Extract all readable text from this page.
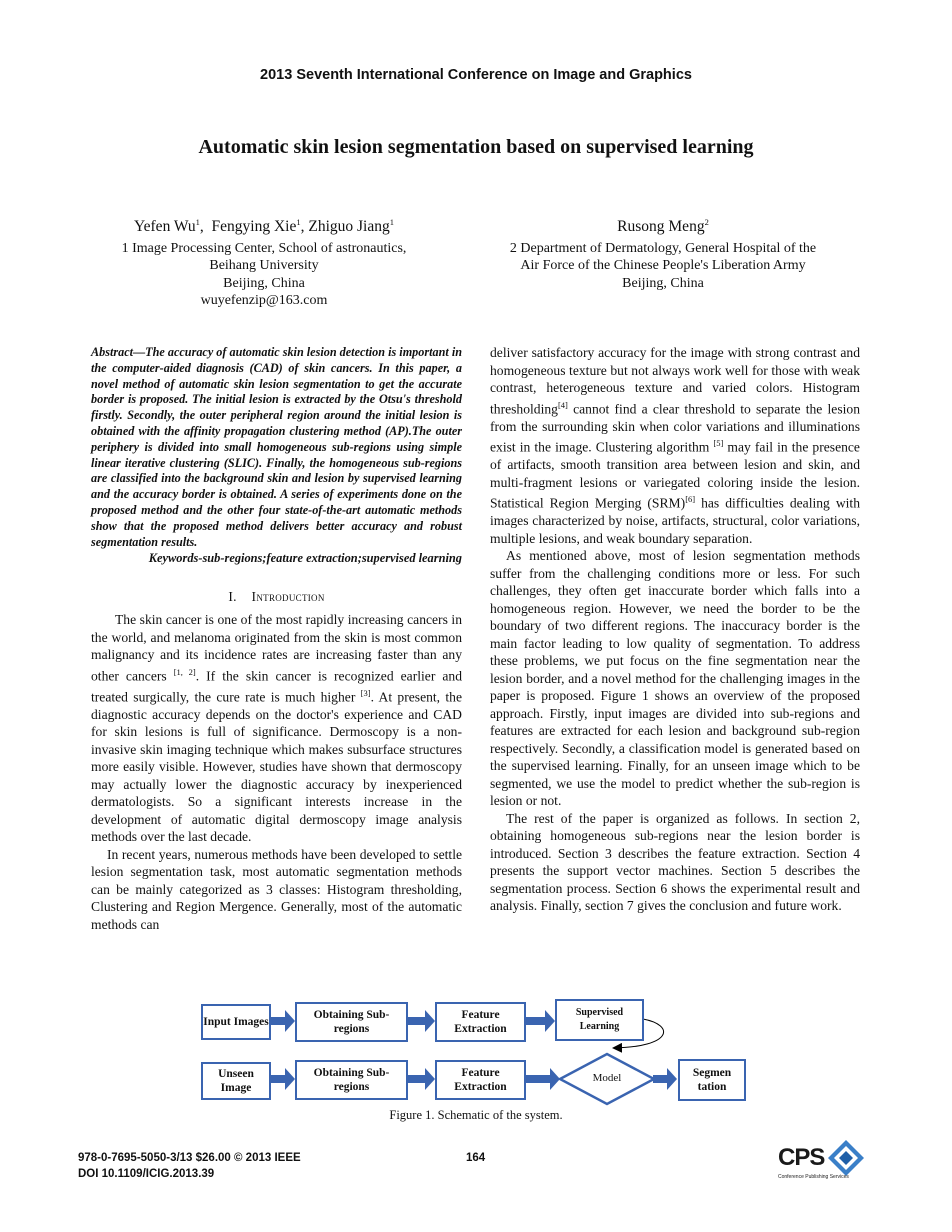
2013 Seventh International Conference on Image and Graphics
Automatic skin lesion segmentation based on supervised learning
Yefen Wu$^1$,  Fengying Xie$^1$, Zhiguo Jiang$^1$
1 Image Processing Center, School of astronautics,
Beihang University
Beijing, China
wuyefenzip@163.com
Rusong Meng$^2$
2 Department of Dermatology, General Hospital of the
Air Force of the Chinese People's Liberation Army
Beijing, China

Abstract—The accuracy of automatic skin lesion detection is important in the computer-aided diagnosis (CAD) of skin cancers. In this paper, a novel method of automatic skin lesion segmentation to get the accurate border is proposed. The initial lesion is extracted by the Otsu's threshold firstly. Secondly, the outer peripheral region around the initial lesion is obtained with the affinity propagation clustering method (AP).The outer periphery is divided into small homogeneous sub-regions using simple linear iterative clustering (SLIC). Finally, the homogeneous sub-regions are classified into the background skin and lesion by supervised learning and the accuracy border is obtained. A series of experiments done on the proposed method and the other four state-of-the-art automatic methods show that the proposed method delivers better accuracy and robust segmentation results.

Keywords-sub-regions;feature extraction;supervised learning

I. Introduction

The skin cancer is one of the most rapidly increasing cancers in the world, and melanoma originated from the skin is most common malignancy and its incidence rates are increasing faster than any other cancers [1, 2]. If the skin cancer is recognized earlier and treated surgically, the cure rate is much higher [3]. At present, the diagnostic accuracy depends on the doctor's experience and CAD for skin lesions is full of significance. Dermoscopy is a non-invasive skin imaging technique which makes subsurface structures more easily visible. However, studies have shown that dermoscopy may actually lower the diagnostic accuracy by inexperienced dermatologists. So a significant interests increase in the development of automatic digital dermoscopy image analysis methods over the last decade.

In recent years, numerous methods have been developed to settle lesion segmentation task, most automatic segmentation methods can be mainly categorized as 3 classes: Histogram thresholding, Clustering and Region Mergence. Generally, most of the automatic methods can

deliver satisfactory accuracy for the image with strong contrast and homogeneous texture but not always work well for those with weak contrast, heterogeneous texture and varied colors. Histogram thresholding[4] cannot find a clear threshold to separate the lesion from the surrounding skin when color variations and illuminations exist in the image. Clustering algorithm [5] may fail in the presence of artifacts, smooth transition area between lesion and skin, and multi-fragment lesions or variegated coloring inside the lesion. Statistical Region Merging (SRM)[6] has difficulties dealing with images characterized by noise, artifacts, structural, color variations, multiple lesions, and weak boundary separation.

As mentioned above, most of lesion segmentation methods suffer from the challenging conditions more or less. For such challenges, they often get inaccurate border which falls into a homogeneous region. However, we need the border to be the boundary of two different regions. The inaccuracy border is the main factor leading to low quality of segmentation. To address these problems, we put focus on the fine segmentation near the lesion border, and a novel method for the challenging images in the paper is proposed. Figure 1 shows an overview of the proposed approach. Firstly, input images are divided into sub-regions and features are extracted for each lesion and background sub-region respectively. Secondly, a classification model is generated based on the supervised learning. Finally, for an unseen image which to be segmented, we use the model to predict whether the sub-region is lesion or not.

The rest of the paper is organized as follows. In section 2, obtaining homogeneous sub-regions near the lesion border is introduced. Section 3 describes the feature extraction. Section 4 presents the support vector machines. Section 5 describes the segmentation process. Section 6 shows the experimental result and analysis. Finally, section 7 gives the conclusion and future work.

Input Images
Obtaining Sub-regions
Feature Extraction
Supervised Learning
Unseen Image
Obtaining Sub-regions
Feature Extraction
Model	Segmen tation
Figure 1. Schematic of the system.
978-0-7695-5050-3/13 $26.00 © 2013 IEEE
DOI 10.1109/ICIG.2013.39
164	CPS
Conference Publishing Services
